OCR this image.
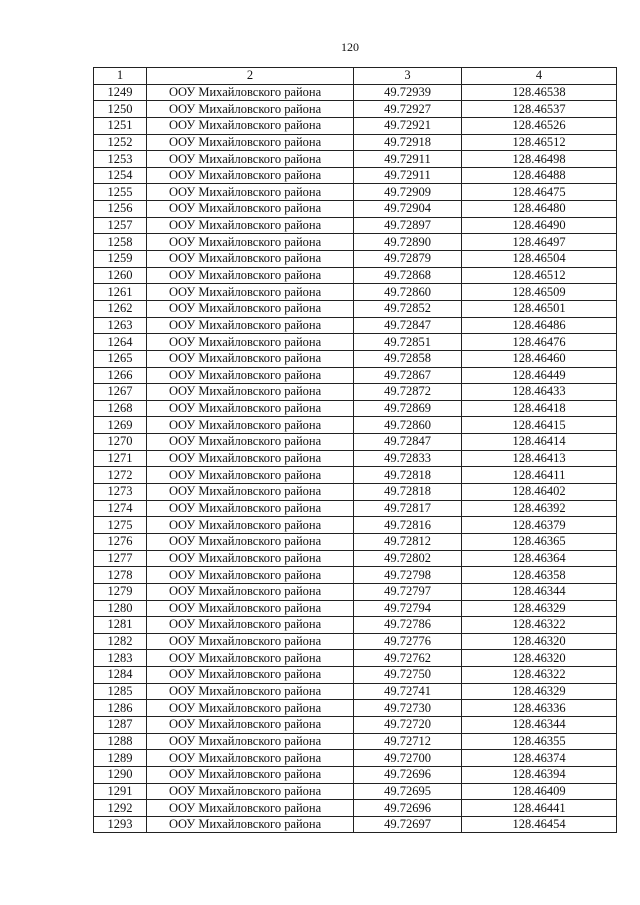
120
1	2	3	4
1249	ООУ Михайловского района	49.72939	128.46538
1250	ООУ Михайловского района	49.72927	128.46537
1251	ООУ Михайловского района	49.72921	128.46526
1252	ООУ Михайловского района	49.72918	128.46512
1253	ООУ Михайловского района	49.72911	128.46498
1254	ООУ Михайловского района	49.72911	128.46488
1255	ООУ Михайловского района	49.72909	128.46475
1256	ООУ Михайловского района	49.72904	128.46480
1257	ООУ Михайловского района	49.72897	128.46490
1258	ООУ Михайловского района	49.72890	128.46497
1259	ООУ Михайловского района	49.72879	128.46504
1260	ООУ Михайловского района	49.72868	128.46512
1261	ООУ Михайловского района	49.72860	128.46509
1262	ООУ Михайловского района	49.72852	128.46501
1263	ООУ Михайловского района	49.72847	128.46486
1264	ООУ Михайловского района	49.72851	128.46476
1265	ООУ Михайловского района	49.72858	128.46460
1266	ООУ Михайловского района	49.72867	128.46449
1267	ООУ Михайловского района	49.72872	128.46433
1268	ООУ Михайловского района	49.72869	128.46418
1269	ООУ Михайловского района	49.72860	128.46415
1270	ООУ Михайловского района	49.72847	128.46414
1271	ООУ Михайловского района	49.72833	128.46413
1272	ООУ Михайловского района	49.72818	128.46411
1273	ООУ Михайловского района	49.72818	128.46402
1274	ООУ Михайловского района	49.72817	128.46392
1275	ООУ Михайловского района	49.72816	128.46379
1276	ООУ Михайловского района	49.72812	128.46365
1277	ООУ Михайловского района	49.72802	128.46364
1278	ООУ Михайловского района	49.72798	128.46358
1279	ООУ Михайловского района	49.72797	128.46344
1280	ООУ Михайловского района	49.72794	128.46329
1281	ООУ Михайловского района	49.72786	128.46322
1282	ООУ Михайловского района	49.72776	128.46320
1283	ООУ Михайловского района	49.72762	128.46320
1284	ООУ Михайловского района	49.72750	128.46322
1285	ООУ Михайловского района	49.72741	128.46329
1286	ООУ Михайловского района	49.72730	128.46336
1287	ООУ Михайловского района	49.72720	128.46344
1288	ООУ Михайловского района	49.72712	128.46355
1289	ООУ Михайловского района	49.72700	128.46374
1290	ООУ Михайловского района	49.72696	128.46394
1291	ООУ Михайловского района	49.72695	128.46409
1292	ООУ Михайловского района	49.72696	128.46441
1293	ООУ Михайловского района	49.72697	128.46454
